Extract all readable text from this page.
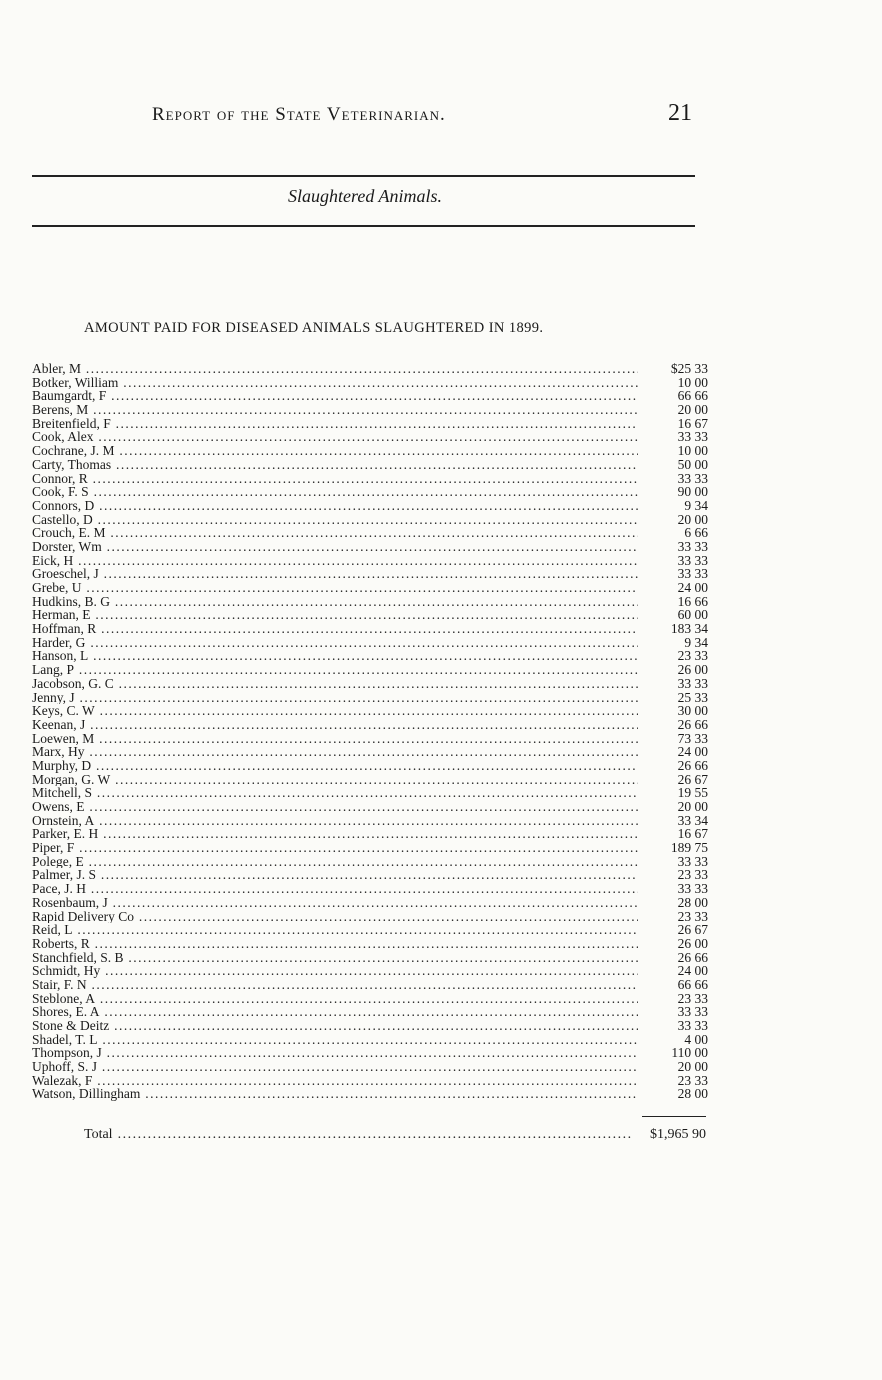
Report of the State Veterinarian.	21
Slaughtered Animals.
AMOUNT PAID FOR DISEASED ANIMALS SLAUGHTERED IN 1899.
Abler, M .....	$25 33
Botker, William .....	10 00
Baumgardt, F .....	66 66
Berens, M .....	20 00
Breitenfield, F .....	16 67
Cook, Alex .....	33 33
Cochrane, J. M .....	10 00
Carty, Thomas .....	50 00
Connor, R .....	33 33
Cook, F. S .....	90 00
Connors, D .....	9 34
Castello, D .....	20 00
Crouch, E. M .....	6 66
Dorster, Wm .....	33 33
Eick, H .....	33 33
Groeschel, J .....	33 33
Grebe, U .....	24 00
Hudkins, B. G .....	16 66
Herman, E .....	60 00
Hoffman, R .....	183 34
Harder, G .....	9 34
Hanson, L .....	23 33
Lang, P .....	26 00
Jacobson, G. C .....	33 33
Jenny, J .....	25 33
Keys, C. W .....	30 00
Keenan, J .....	26 66
Loewen, M .....	73 33
Marx, Hy .....	24 00
Murphy, D .....	26 66
Morgan, G. W .....	26 67
Mitchell, S .....	19 55
Owens, E .....	20 00
Ornstein, A .....	33 34
Parker, E. H .....	16 67
Piper, F .....	189 75
Polege, E .....	33 33
Palmer, J. S .....	23 33
Pace, J. H .....	33 33
Rosenbaum, J .....	28 00
Rapid Delivery Co .....	23 33
Reid, L .....	26 67
Roberts, R .....	26 00
Stanchfield, S. B .....	26 66
Schmidt, Hy .....	24 00
Stair, F. N .....	66 66
Steblone, A .....	23 33
Shores, E. A .....	33 33
Stone & Deitz .....	33 33
Shadel, T. L .....	4 00
Thompson, J .....	110 00
Uphoff, S. J .....	20 00
Walezak, F .....	23 33
Watson, Dillingham .....	28 00
Total .....	$1,965 90
